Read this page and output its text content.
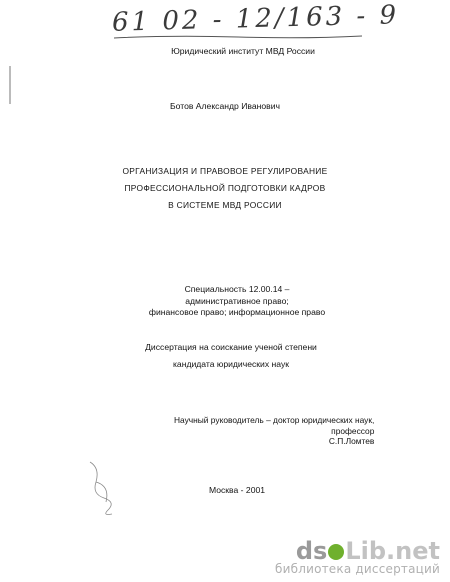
61 02 - 12/163 - 9
Юридический институт МВД России
Ботов Александр Иванович
ОРГАНИЗАЦИЯ И ПРАВОВОЕ РЕГУЛИРОВАНИЕ
ПРОФЕССИОНАЛЬНОЙ ПОДГОТОВКИ КАДРОВ
В СИСТЕМЕ МВД РОССИИ
Специальность 12.00.14 –
административное право;
финансовое право; информационное право
Диссертация на соискание ученой степени
кандидата юридических наук
Научный руководитель – доктор юридических наук,
профессор
С.П.Ломтев
Москва - 2001
ds Lib.net
библиотека диссертаций
